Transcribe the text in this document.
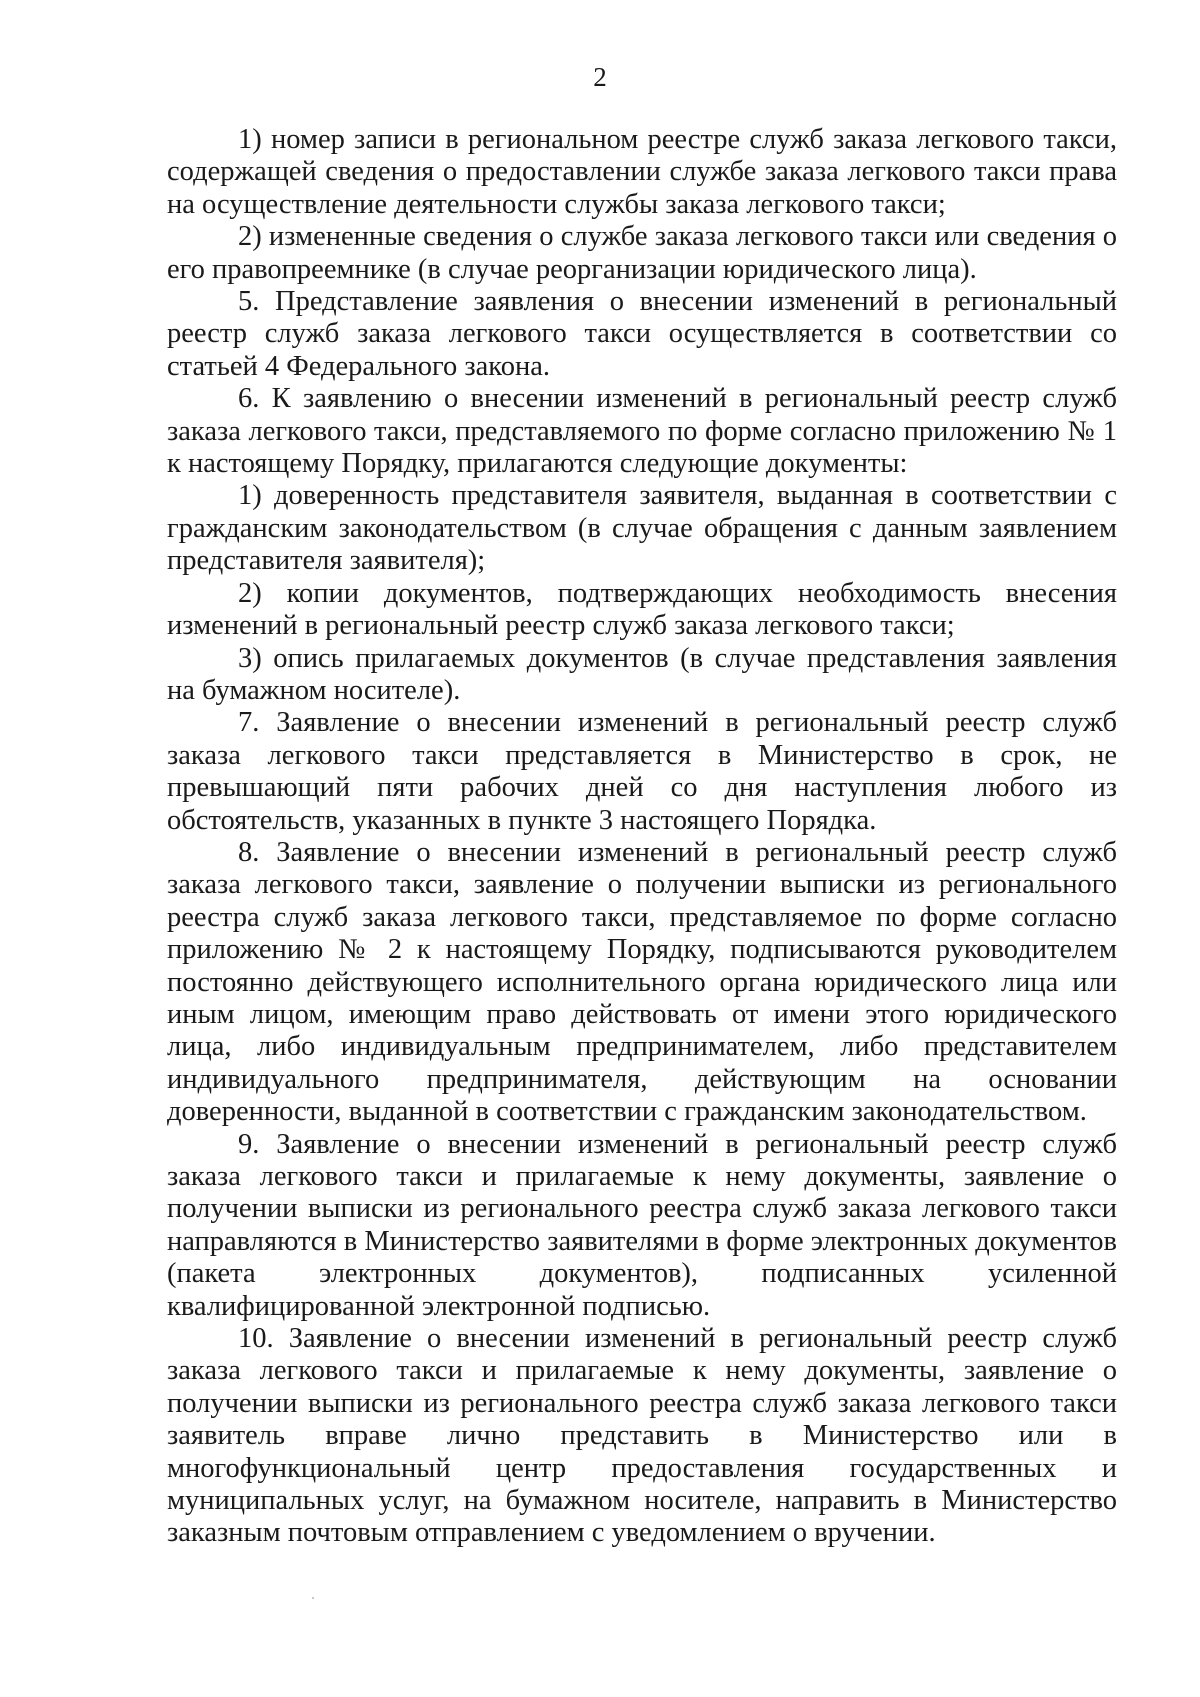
2

1) номер записи в региональном реестре служб заказа легкового такси, содержащей сведения о предоставлении службе заказа легкового такси права на осуществление деятельности службы заказа легкового такси;

2) измененные сведения о службе заказа легкового такси или сведения о его правопреемнике (в случае реорганизации юридического лица).

5. Представление заявления о внесении изменений в региональный реестр служб заказа легкового такси осуществляется в соответствии со статьей 4 Федерального закона.

6. К заявлению о внесении изменений в региональный реестр служб заказа легкового такси, представляемого по форме согласно приложению № 1 к настоящему Порядку, прилагаются следующие документы:

1) доверенность представителя заявителя, выданная в соответствии с гражданским законодательством (в случае обращения с данным заявлением представителя заявителя);

2) копии документов, подтверждающих необходимость внесения изменений в региональный реестр служб заказа легкового такси;

3) опись прилагаемых документов (в случае представления заявления на бумажном носителе).

7. Заявление о внесении изменений в региональный реестр служб заказа легкового такси представляется в Министерство в срок, не превышающий пяти рабочих дней со дня наступления любого из обстоятельств, указанных в пункте 3 настоящего Порядка.

8. Заявление о внесении изменений в региональный реестр служб заказа легкового такси, заявление о получении выписки из регионального реестра служб заказа легкового такси, представляемое по форме согласно приложению № 2 к настоящему Порядку, подписываются руководителем постоянно действующего исполнительного органа юридического лица или иным лицом, имеющим право действовать от имени этого юридического лица, либо индивидуальным предпринимателем, либо представителем индивидуального предпринимателя, действующим на основании доверенности, выданной в соответствии с гражданским законодательством.

9. Заявление о внесении изменений в региональный реестр служб заказа легкового такси и прилагаемые к нему документы, заявление о получении выписки из регионального реестра служб заказа легкового такси направляются в Министерство заявителями в форме электронных документов (пакета электронных документов), подписанных усиленной квалифицированной электронной подписью.

10. Заявление о внесении изменений в региональный реестр служб заказа легкового такси и прилагаемые к нему документы, заявление о получении выписки из регионального реестра служб заказа легкового такси заявитель вправе лично представить в Министерство или в многофункциональный центр предоставления государственных и муниципальных услуг, на бумажном носителе, направить в Министерство заказным почтовым отправлением с уведомлением о вручении.
